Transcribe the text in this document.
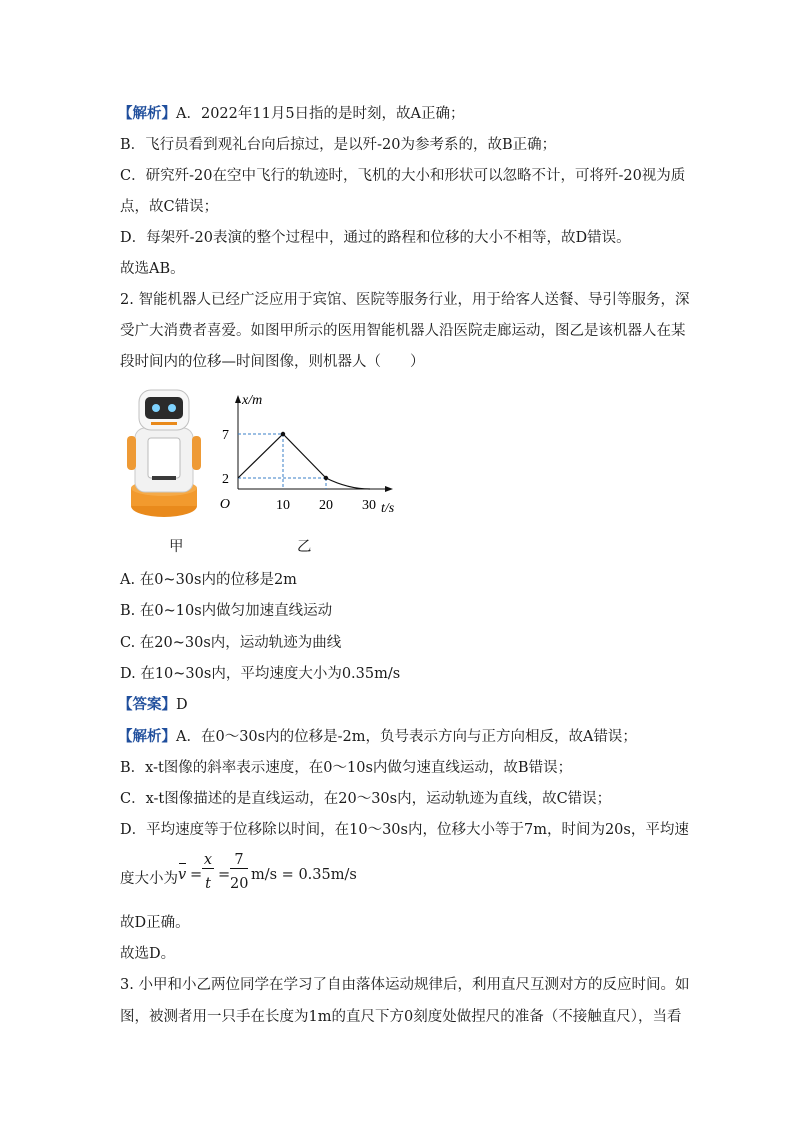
【解析】A．2022年11月5日指的是时刻，故A正确；
B．飞行员看到观礼台向后掠过，是以歼-20为参考系的，故B正确；
C．研究歼-20在空中飞行的轨迹时，飞机的大小和形状可以忽略不计，可将歼-20视为质
点，故C错误；
D．每架歼-20表演的整个过程中，通过的路程和位移的大小不相等，故D错误。
故选AB。
2. 智能机器人已经广泛应用于宾馆、医院等服务行业，用于给客人送餐、导引等服务，深
受广大消费者喜爱。如图甲所示的医用智能机器人沿医院走廊运动，图乙是该机器人在某
段时间内的位移—时间图像，则机器人（　　）
甲
x/m
7
2
O	10 20 30 t/s
乙
A. 在0~30s内的位移是2m
B. 在0~10s内做匀加速直线运动
C. 在20~30s内，运动轨迹为曲线
D. 在10~30s内，平均速度大小为0.35m/s
【答案】D
【解析】A．在0～30s内的位移是-2m，负号表示方向与正方向相反，故A错误；
B．x-t图像的斜率表示速度，在0～10s内做匀速直线运动，故B错误；
C．x-t图像描述的是直线运动，在20～30s内，运动轨迹为直线，故C错误；
D．平均速度等于位移除以时间，在10～30s内，位移大小等于7m，时间为20s，平均速
度大小为 v =
x
t
=
7
20
m/s = 0.35m/s
故D正确。
故选D。
3. 小甲和小乙两位同学在学习了自由落体运动规律后，利用直尺互测对方的反应时间。如
图，被测者用一只手在长度为1m的直尺下方0刻度处做捏尺的准备（不接触直尺），当看
